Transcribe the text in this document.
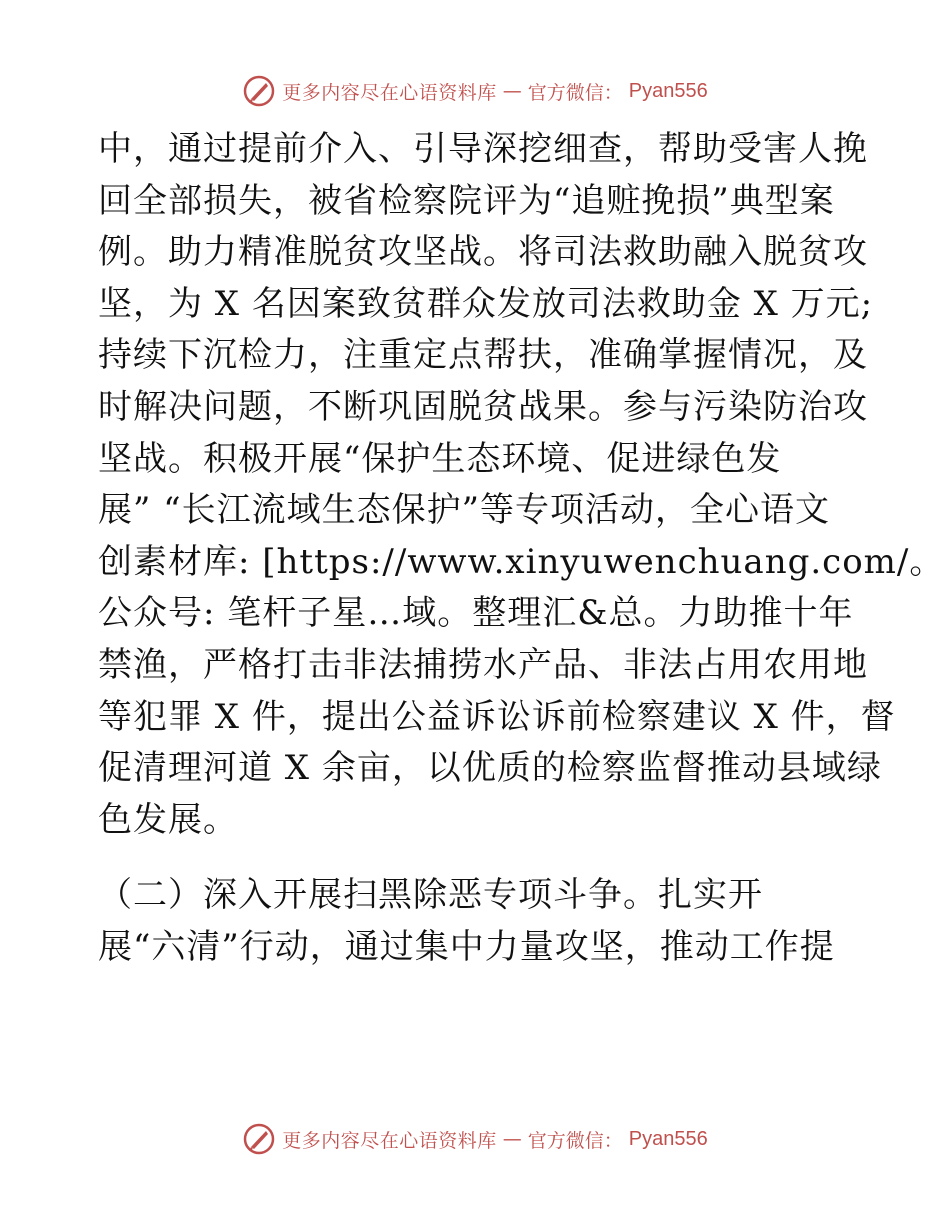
更多内容尽在心语资料库 — 官方微信： Pyan556
中，通过提前介入、引导深挖细查，帮助受害人挽
回全部损失，被省检察院评为“追赃挽损”典型案
例。助力精准脱贫攻坚战。将司法救助融入脱贫攻
坚，为 X 名因案致贫群众发放司法救助金 X 万元;
持续下沉检力，注重定点帮扶，准确掌握情况，及
时解决问题，不断巩固脱贫战果。参与污染防治攻
坚战。积极开展“保护生态环境、促进绿色发
展” “长江流域生态保护”等专项活动，全心语文
创素材库: [https://www.xinyuwenchuang.com/。
公众号: 笔杆子星…域。整理汇&总。力助推十年
禁渔，严格打击非法捕捞水产品、非法占用农用地
等犯罪 X 件，提出公益诉讼诉前检察建议 X 件，督
促清理河道 X 余亩，以优质的检察监督推动县域绿
色发展。
（二）深入开展扫黑除恶专项斗争。扎实开
展“六清”行动，通过集中力量攻坚，推动工作提
更多内容尽在心语资料库 — 官方微信： Pyan556
